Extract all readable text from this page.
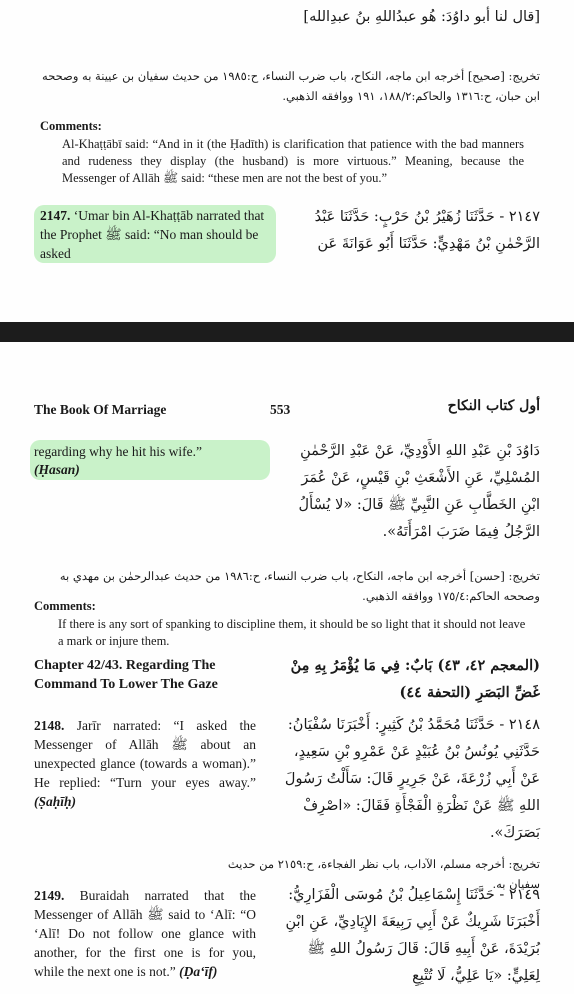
[قال لنا أبو داوُدَ: هُو عبدُاللهِ بنُ عبدِالله]
تخريج: [صحيح] أخرجه ابن ماجه، النكاح، باب ضرب النساء، ح:١٩٨٥ من حديث سفيان بن عيينة به وصححه ابن حبان، ح:١٣١٦ والحاكم:١٨٨/٢، ١٩١ ووافقه الذهبي.
Comments:
Al-Khaṭṭābī said: “And in it (the Ḥadīth) is clarification that patience with the bad manners and rudeness they display (the husband) is more virtuous.” Meaning, because the Messenger of Allāh ﷺ said: “these men are not the best of you.”
2147. ‘Umar bin Al-Khaṭṭāb narrated that the Prophet ﷺ said: “No man should be asked
٢١٤٧ - حَدَّثَنَا زُهَيْرُ بْنُ حَرْبٍ: حَدَّثَنَا عَبْدُ الرَّحْمٰنِ بْنُ مَهْدِيٍّ: حَدَّثَنَا أَبُو عَوَانَةَ عَن
The Book Of Marriage	553	أول كتاب النكاح
regarding why he hit his wife.”
(Ḥasan)
دَاوُدَ بْنِ عَبْدِ اللهِ الأَوْدِيِّ، عَنْ عَبْدِ الرَّحْمٰنِ المُسْلِيِّ، عَنِ الأَشْعَثِ بْنِ قَيْسٍ، عَنْ عُمَرَ ابْنِ الخَطَّابِ عَنِ النَّبِيِّ ﷺ قَالَ: «لا يُسْأَلُ الرَّجُلُ فِيمَا ضَرَبَ امْرَأَتَهُ».
تخريج: [حسن] أخرجه ابن ماجه، النكاح، باب ضرب النساء، ح:١٩٨٦ من حديث عبدالرحمٰن بن مهدي به وصححه الحاكم:١٧٥/٤ ووافقه الذهبي.
Comments:
If there is any sort of spanking to discipline them, it should be so light that it should not leave a mark or injure them.
Chapter 42/43. Regarding The Command To Lower The Gaze
(المعجم ٤٢، ٤٣) بَابٌ: فِي مَا يُؤْمَرُ بِهِ مِنْ غَضِّ البَصَرِ (التحفة ٤٤)
2148. Jarīr narrated: “I asked the Messenger of Allāh ﷺ about an unexpected glance (towards a woman).” He replied: “Turn your eyes away.” (Ṣaḥīḥ)
٢١٤٨ - حَدَّثَنَا مُحَمَّدُ بْنُ كَثِيرٍ: أَخْبَرَنَا سُفْيَانُ: حَدَّثَنِي يُونُسُ بْنُ عُبَيْدٍ عَنْ عَمْرِو بْنِ سَعِيدٍ، عَنْ أَبِي زُرْعَةَ، عَنْ جَرِيرٍ قَالَ: سَأَلْتُ رَسُولَ اللهِ ﷺ عَنْ نَظْرَةِ الْفَجْأَةِ فَقَالَ: «اصْرِفْ بَصَرَكَ».
تخريج: أخرجه مسلم، الآداب، باب نظر الفجاءة، ح:٢١٥٩ من حديث سفيان به.
2149. Buraidah narrated that the Messenger of Allāh ﷺ said to ‘Alī: “O ‘Alī! Do not follow one glance with another, for the first one is for you, while the next one is not.” (Ḍa‘īf)
٢١٤٩ - حَدَّثَنَا إِسْمَاعِيلُ بْنُ مُوسَى الْفَزَارِيُّ: أَخْبَرَنَا شَرِيكٌ عَنْ أَبِي رَبِيعَةَ الإِيَادِيِّ، عَنِ ابْنِ بُرَيْدَةَ، عَنْ أَبِيهِ قَالَ: قَالَ رَسُولُ اللهِ ﷺ لِعَلِيٍّ: «يَا عَلِيُّ، لَا تُتْبِعِ
